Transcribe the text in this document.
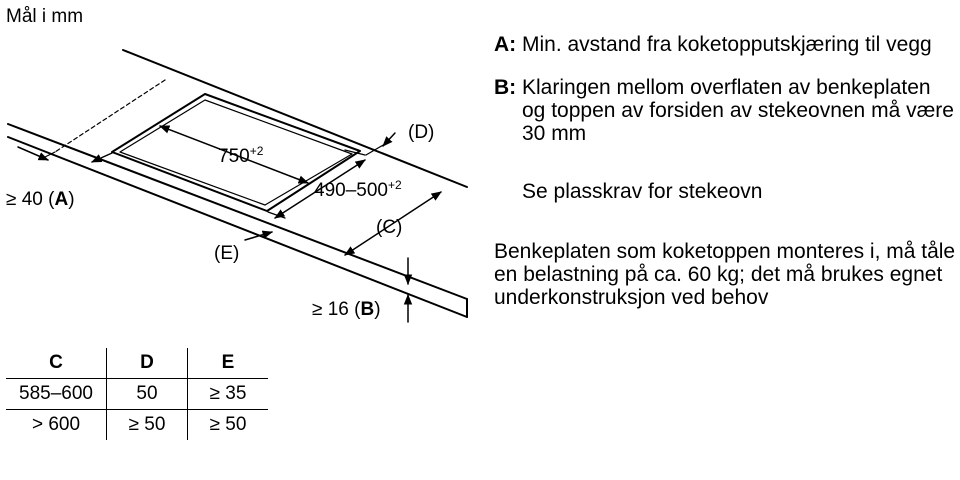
Mål i mm
$750^{+2}$
$490-500^{+2}$
(D)
(C)
(E)
≥ 40 (A)
≥ 16 (B)
A: Min. avstand fra koketopputskjæring til vegg
B: Klaringen mellom overflaten av benkeplaten og toppen av forsiden av stekeovnen må være 30 mm
Se plasskrav for stekeovn
Benkeplaten som koketoppen monteres i, må tåle en belastning på ca. 60 kg; det må brukes egnet underkonstruksjon ved behov
C	D	E
585–600	50	≥ 35
> 600	≥ 50	≥ 50
